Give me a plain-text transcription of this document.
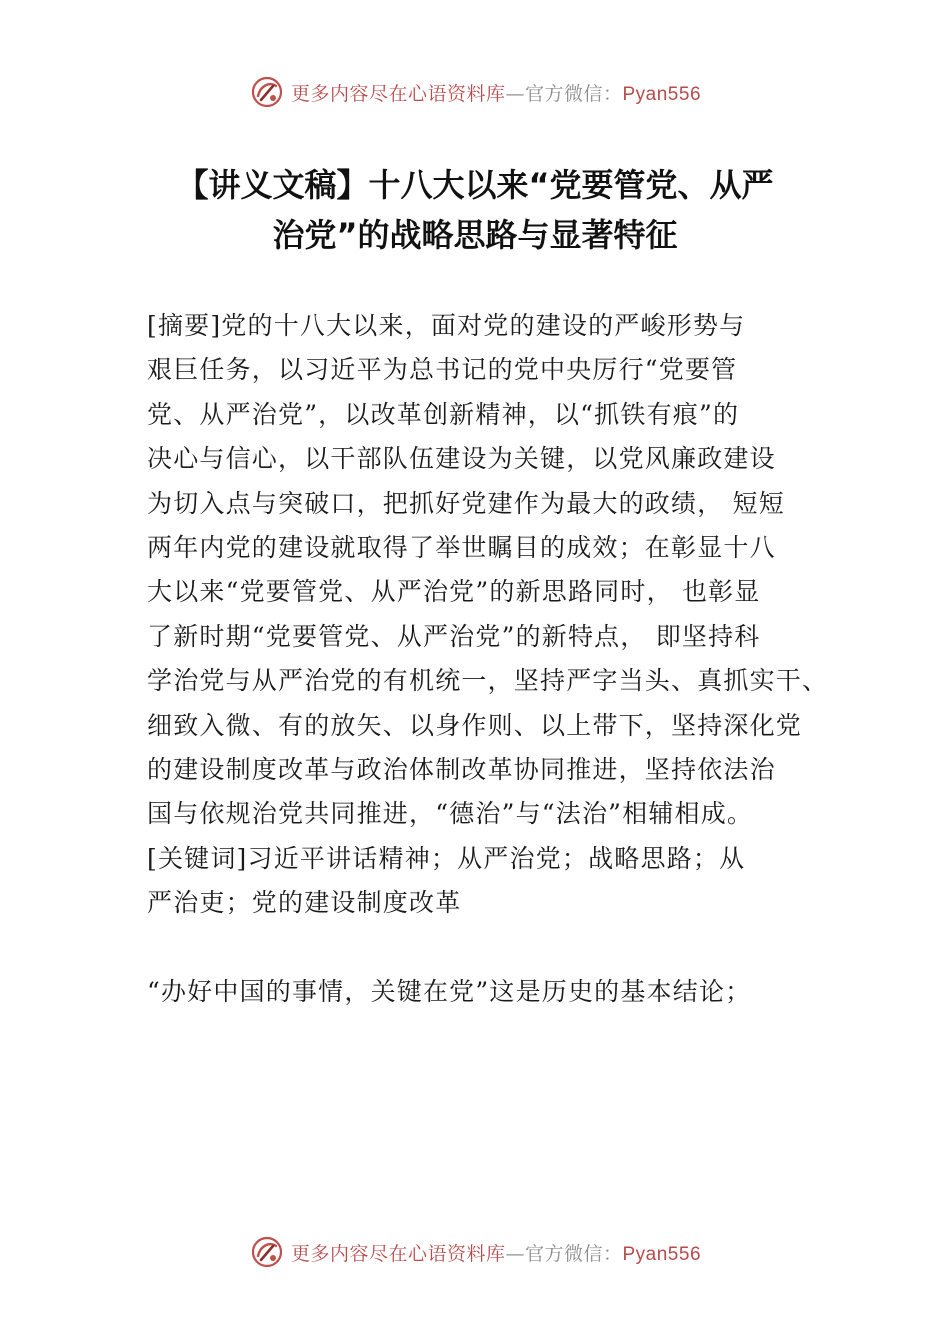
更多内容尽在心语资料库—官方微信：Pyan556
【讲义文稿】十八大以来“党要管党、从严
治党”的战略思路与显著特征
[摘要]党的十八大以来，面对党的建设的严峻形势与
艰巨任务，以习近平为总书记的党中央厉行“党要管
党、从严治党”，以改革创新精神，以“抓铁有痕”的
决心与信心，以干部队伍建设为关键，以党风廉政建设
为切入点与突破口，把抓好党建作为最大的政绩， 短短
两年内党的建设就取得了举世瞩目的成效；在彰显十八
大以来“党要管党、从严治党”的新思路同时， 也彰显
了新时期“党要管党、从严治党”的新特点， 即坚持科
学治党与从严治党的有机统一，坚持严字当头、真抓实干、
细致入微、有的放矢、以身作则、以上带下，坚持深化党
的建设制度改革与政治体制改革协同推进，坚持依法治
国与依规治党共同推进，“德治”与“法治”相辅相成。
[关键词]习近平讲话精神；从严治党；战略思路；从
严治吏；党的建设制度改革
“办好中国的事情，关键在党”这是历史的基本结论；
更多内容尽在心语资料库—官方微信：Pyan556
